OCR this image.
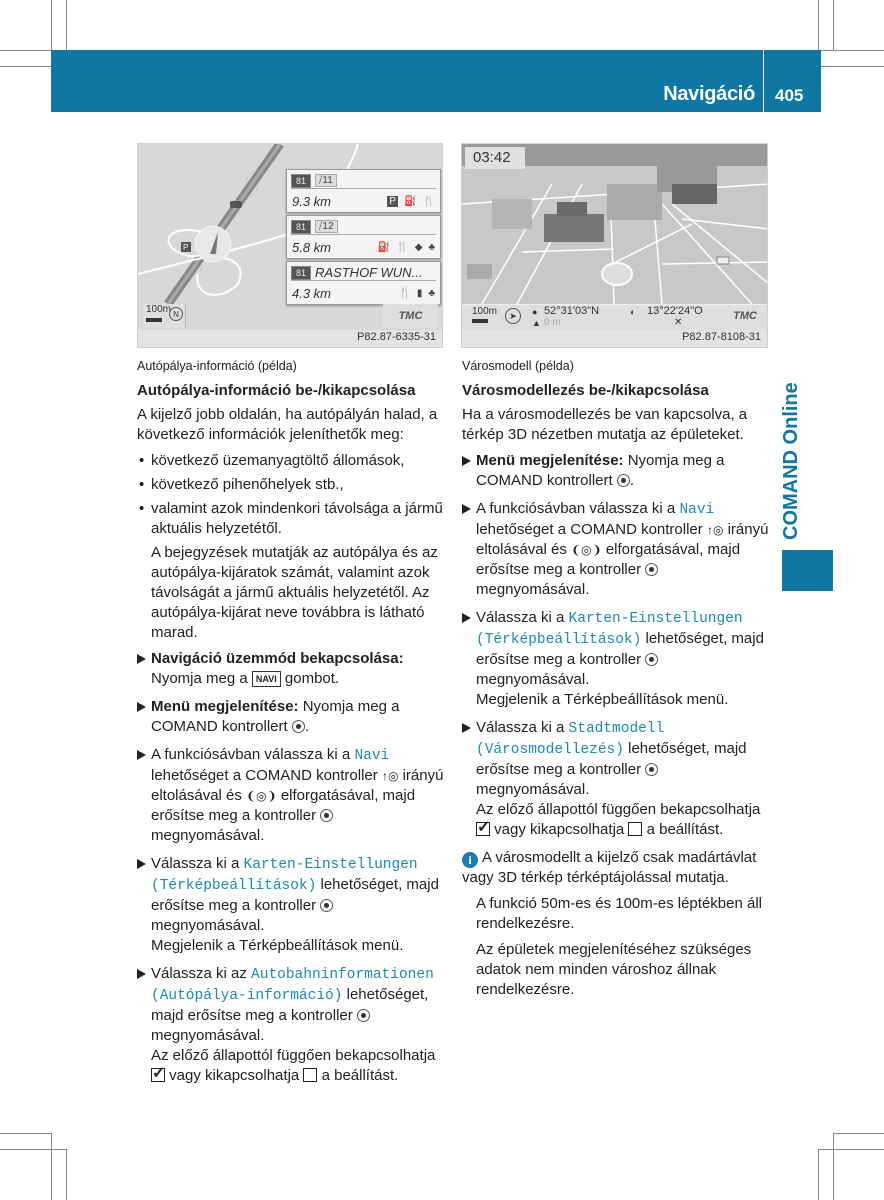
Navigáció 405
COMAND Online
P
81	⧸11
9.3 km	P ⛽ 🍴
81	⧸12
5.8 km	⛽ 🍴 ◆ ♣
81 RASTHOF WUN...
4.3 km	🍴 ▮ ♣
100m N	TMC
P82.87-6335-31
03:42
100m	➤	● 52°31'03"N
▲ 0 m
◐ 13°22'24"O
✕
TMC
P82.87-8108-31
Autópálya-információ (példa)
Autópálya-információ be-/kikapcsolása
A kijelző jobb oldalán, ha autópályán halad, a következő információk jeleníthetők meg:
• következő üzemanyagtöltő állomások,
• következő pihenőhelyek stb.,
• valamint azok mindenkori távolsága a jármű aktuális helyzetétől.
A bejegyzések mutatják az autópálya és az autópálya-kijáratok számát, valamint azok távolságát a jármű aktuális helyzetétől. Az autópálya-kijárat neve továbbra is látható marad.
Navigáció üzemmód bekapcsolása:
Nyomja meg a NAVI gombot.
Menü megjelenítése: Nyomja meg a COMAND kontrollert .
A funkciósávban válassza ki a Navi lehetőséget a COMAND kontroller ↑◎ irányú eltolásával és ❨◎❩ elforgatásával, majd erősítse meg a kontroller  megnyomásával.
Válassza ki a Karten-Einstellungen (Térképbeállítások) lehetőséget, majd erősítse meg a kontroller  megnyomásával.
Megjelenik a Térképbeállítások menü.
Válassza ki az Autobahninformationen (Autópálya-információ) lehetőséget, majd erősítse meg a kontroller  megnyomásával.
Az előző állapottól függően bekapcsolhatja
✓ vagy kikapcsolhatja a beállítást.
Városmodell (példa)
Városmodellezés be-/kikapcsolása
Ha a városmodellezés be van kapcsolva, a térkép 3D nézetben mutatja az épületeket.
Menü megjelenítése: Nyomja meg a COMAND kontrollert .
A funkciósávban válassza ki a Navi lehetőséget a COMAND kontroller ↑◎ irányú eltolásával és ❨◎❩ elforgatásával, majd erősítse meg a kontroller  megnyomásával.
Válassza ki a Karten-Einstellungen (Térképbeállítások) lehetőséget, majd erősítse meg a kontroller  megnyomásával.
Megjelenik a Térképbeállítások menü.
Válassza ki a Stadtmodell (Városmodellezés) lehetőséget, majd erősítse meg a kontroller  megnyomásával.
Az előző állapottól függően bekapcsolhatja
✓ vagy kikapcsolhatja a beállítást.
i A városmodellt a kijelző csak madártávlat vagy 3D térkép térképtájolással mutatja.
A funkció 50m-es és 100m-es léptékben áll rendelkezésre.
Az épületek megjelenítéséhez szükséges adatok nem minden városhoz állnak rendelkezésre.
